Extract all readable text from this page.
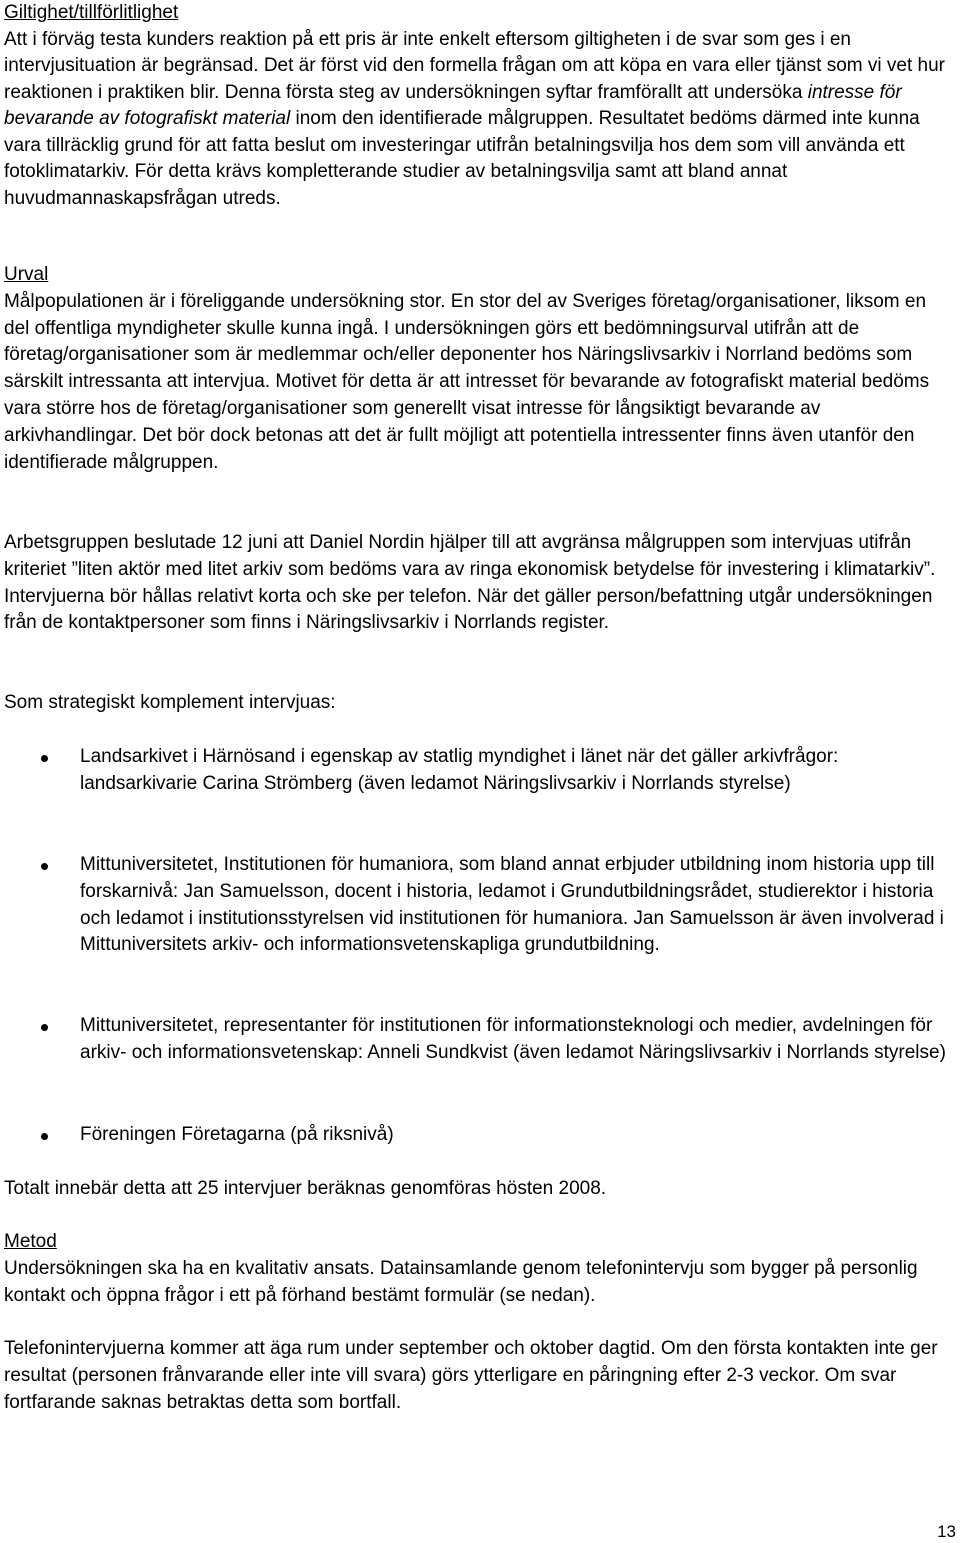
Giltighet/tillförlitlighet

Att i förväg testa kunders reaktion på ett pris är inte enkelt eftersom giltigheten i de svar som ges i en intervjusituation är begränsad. Det är först vid den formella frågan om att köpa en vara eller tjänst som vi vet hur reaktionen i praktiken blir. Denna första steg av undersökningen syftar framförallt att undersöka intresse för bevarande av fotografiskt material inom den identifierade målgruppen. Resultatet bedöms därmed inte kunna vara tillräcklig grund för att fatta beslut om investeringar utifrån betalningsvilja hos dem som vill använda ett fotoklimatarkiv. För detta krävs kompletterande studier av betalningsvilja samt att bland annat huvudmannaskapsfrågan utreds.

Urval

Målpopulationen är i föreliggande undersökning stor. En stor del av Sveriges företag/organisationer, liksom en del offentliga myndigheter skulle kunna ingå. I undersökningen görs ett bedömningsurval utifrån att de företag/organisationer som är medlemmar och/eller deponenter hos Näringslivsarkiv i Norrland bedöms som särskilt intressanta att intervjua. Motivet för detta är att intresset för bevarande av fotografiskt material bedöms vara större hos de företag/organisationer som generellt visat intresse för långsiktigt bevarande av arkivhandlingar. Det bör dock betonas att det är fullt möjligt att potentiella intressenter finns även utanför den identifierade målgruppen.

Arbetsgruppen beslutade 12 juni att Daniel Nordin hjälper till att avgränsa målgruppen som intervjuas utifrån kriteriet ”liten aktör med litet arkiv som bedöms vara av ringa ekonomisk betydelse för investering i klimatarkiv”. Intervjuerna bör hållas relativt korta och ske per telefon. När det gäller person/befattning utgår undersökningen från de kontaktpersoner som finns i Näringslivsarkiv i Norrlands register.

Som strategiskt komplement intervjuas:

Landsarkivet i Härnösand i egenskap av statlig myndighet i länet när det gäller arkivfrågor: landsarkivarie Carina Strömberg (även ledamot Näringslivsarkiv i Norrlands styrelse)

Mittuniversitetet, Institutionen för humaniora, som bland annat erbjuder utbildning inom historia upp till forskarnivå: Jan Samuelsson, docent i historia, ledamot i Grundutbildningsrådet, studierektor i historia och ledamot i institutionsstyrelsen vid institutionen för humaniora. Jan Samuelsson är även involverad i Mittuniversitets arkiv- och informationsvetenskapliga grundutbildning.

Mittuniversitetet, representanter för institutionen för informationsteknologi och medier, avdelningen för arkiv- och informationsvetenskap: Anneli Sundkvist (även ledamot Näringslivsarkiv i Norrlands styrelse)

Föreningen Företagarna (på riksnivå)

Totalt innebär detta att 25 intervjuer beräknas genomföras hösten 2008.

Metod

Undersökningen ska ha en kvalitativ ansats. Datainsamlande genom telefonintervju som bygger på personlig kontakt och öppna frågor i ett på förhand bestämt formulär (se nedan).

Telefonintervjuerna kommer att äga rum under september och oktober dagtid. Om den första kontakten inte ger resultat (personen frånvarande eller inte vill svara) görs ytterligare en påringning efter 2-3 veckor. Om svar fortfarande saknas betraktas detta som bortfall.

13
